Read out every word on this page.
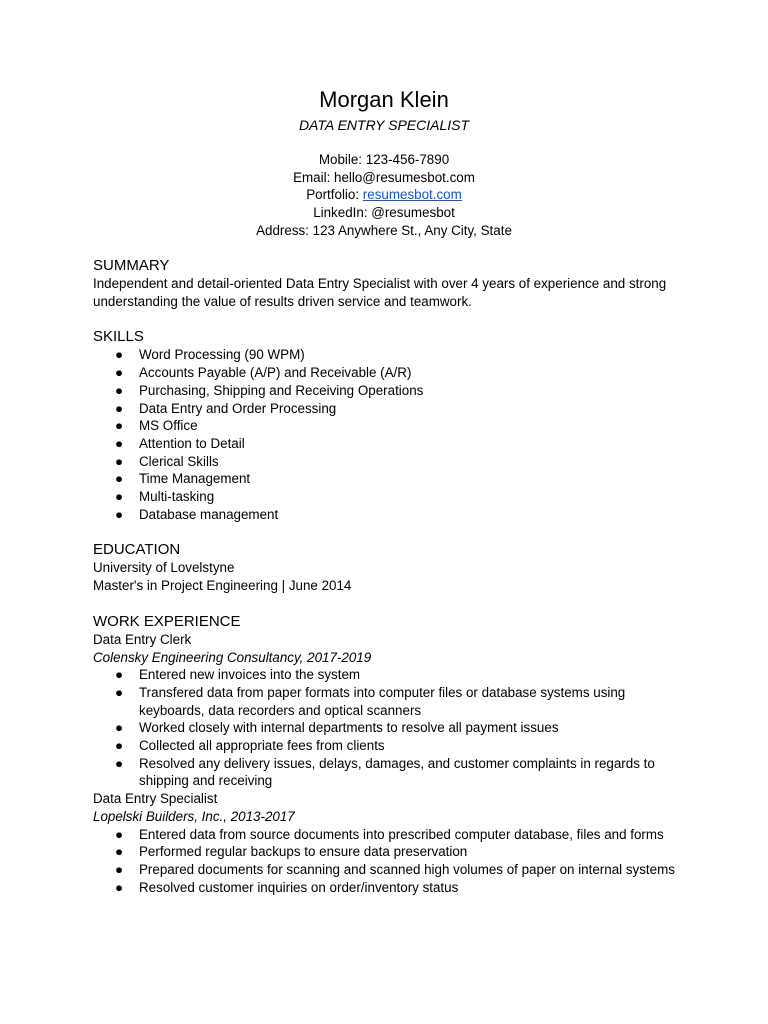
Morgan Klein
DATA ENTRY SPECIALIST
Mobile: 123-456-7890
Email: hello@resumesbot.com
Portfolio: resumesbot.com
LinkedIn: @resumesbot
Address: 123 Anywhere St., Any City, State
SUMMARY
Independent and detail-oriented Data Entry Specialist with over 4 years of experience and strong understanding the value of results driven service and teamwork.
SKILLS
● Word Processing (90 WPM)
● Accounts Payable (A/P) and Receivable (A/R)
● Purchasing, Shipping and Receiving Operations
● Data Entry and Order Processing
● MS Office
● Attention to Detail
● Clerical Skills
● Time Management
● Multi-tasking
● Database management
EDUCATION
University of Lovelstyne
Master's in Project Engineering | June 2014
WORK EXPERIENCE
Data Entry Clerk
Colensky Engineering Consultancy, 2017-2019
● Entered new invoices into the system
● Transfered data from paper formats into computer files or database systems using keyboards, data recorders and optical scanners
● Worked closely with internal departments to resolve all payment issues
● Collected all appropriate fees from clients
● Resolved any delivery issues, delays, damages, and customer complaints in regards to shipping and receiving
Data Entry Specialist
Lopelski Builders, Inc., 2013-2017
● Entered data from source documents into prescribed computer database, files and forms
● Performed regular backups to ensure data preservation
● Prepared documents for scanning and scanned high volumes of paper on internal systems
● Resolved customer inquiries on order/inventory status
